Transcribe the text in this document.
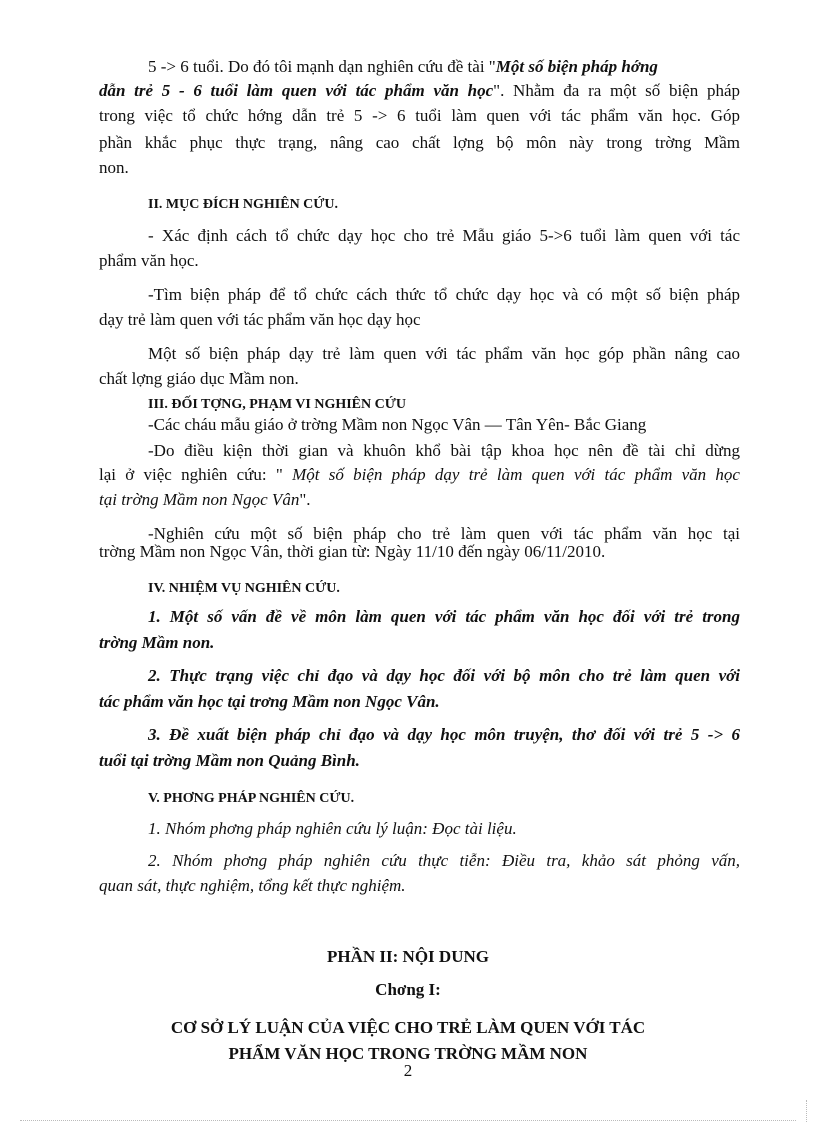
5 -> 6 tuổi. Do đó tôi mạnh dạn nghiên cứu đề tài "Một số biện pháp hớng
dẫn trẻ 5 - 6 tuổi làm quen với tác phẩm văn học". Nhằm đa ra một số biện pháp
trong việc tổ chức hớng dẫn trẻ 5 -> 6 tuổi làm quen với tác phẩm văn học. Góp
phần khắc phục thực trạng, nâng cao chất lợng bộ môn này trong trờng Mầm
non.
II. MỤC ĐÍCH NGHIÊN CỨU.
- Xác định cách tổ chức dạy học cho trẻ Mẫu giáo 5->6 tuổi làm quen với tác
phẩm văn học.
-Tìm biện pháp để tổ chức cách thức tổ chức dạy học và có một số biện pháp
dạy trẻ làm quen với tác phẩm văn học dạy học
Một số biện pháp dạy trẻ làm quen với tác phẩm văn học góp phần nâng cao
chất lợng giáo dục Mầm non.
III. ĐỐI TỢNG, PHẠM VI NGHIÊN CỨU
-Các cháu mẫu giáo ở trờng Mầm non Ngọc Vân — Tân Yên- Bắc Giang
-Do điều kiện thời gian và khuôn khổ bài tập khoa học nên đề tài chỉ dừng
lại ở việc nghiên cứu: " Một số biện pháp dạy trẻ làm quen với tác phẩm văn học
tại trờng Mầm non Ngọc Vân".
-Nghiên cứu một số biện pháp cho trẻ làm quen với tác phẩm văn học tại
trờng Mầm non Ngọc Vân, thời gian từ: Ngày 11/10 đến ngày 06/11/2010.
IV. NHIỆM VỤ NGHIÊN CỨU.
1. Một số vấn đề về môn làm quen với tác phẩm văn học đối với trẻ trong
trờng Mầm non.
2. Thực trạng việc chỉ đạo và dạy học đối với bộ môn cho trẻ làm quen với
tác phẩm văn học tại trơng Mầm non Ngọc Vân.
3. Đề xuất biện pháp chỉ đạo và dạy học môn truyện, thơ đối với trẻ 5 -> 6
tuổi tại trờng Mầm non Quảng Bình.
V. PHƠNG PHÁP NGHIÊN CỨU.
1. Nhóm phơng pháp nghiên cứu lý luận: Đọc tài liệu.
2. Nhóm phơng pháp nghiên cứu thực tiễn: Điều tra, khảo sát phỏng vấn,
quan sát, thực nghiệm, tổng kết thực nghiệm.
PHẦN II: NỘI DUNG
Chơng I:
CƠ SỞ LÝ LUẬN CỦA VIỆC CHO TRẺ LÀM QUEN VỚI TÁC
PHẨM VĂN HỌC TRONG TRỜNG MẦM NON
2
